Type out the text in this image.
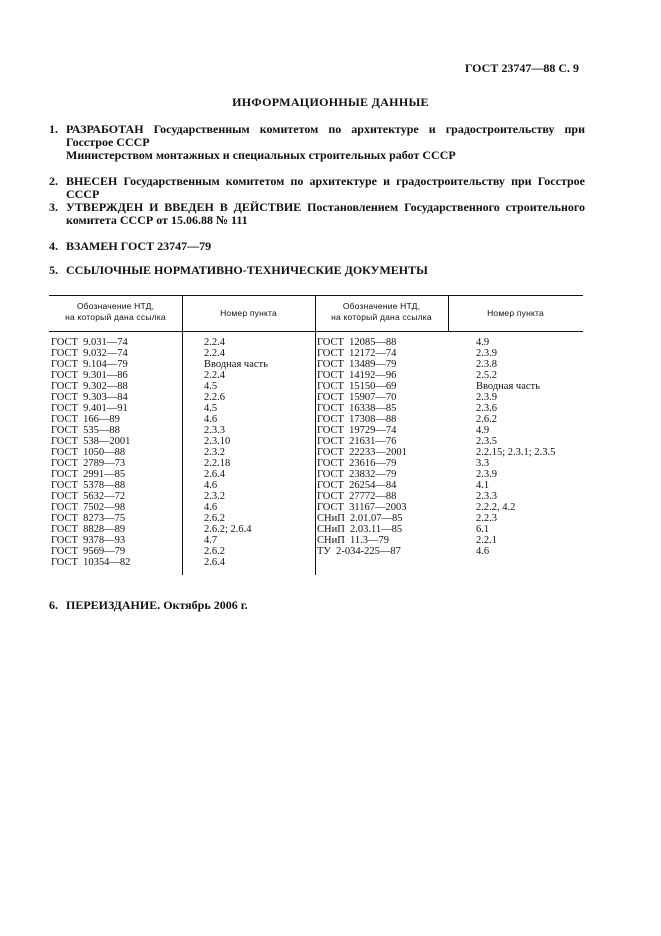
ГОСТ 23747—88 С. 9
ИНФОРМАЦИОННЫЕ ДАННЫЕ
1. РАЗРАБОТАН Государственным комитетом по архитектуре и градостроительству при Госстрое СССР
Министерством монтажных и специальных строительных работ СССР
2. ВНЕСЕН Государственным комитетом по архитектуре и градостроительству при Госстрое СССР
3. УТВЕРЖДЕН И ВВЕДЕН В ДЕЙСТВИЕ Постановлением Государственного строительного комитета СССР от 15.06.88 № 111
4. ВЗАМЕН ГОСТ 23747—79
5. ССЫЛОЧНЫЕ НОРМАТИВНО-ТЕХНИЧЕСКИЕ ДОКУМЕНТЫ
Обозначение НТД,
на который дана ссылка	Номер пункта
Обозначение НТД,
на который дана ссылка	Номер пункта
ГОСТ  9.031—74
ГОСТ  9.032—74
ГОСТ  9.104—79
ГОСТ  9.301—86
ГОСТ  9.302—88
ГОСТ  9.303—84
ГОСТ  9.401—91
ГОСТ  166—89
ГОСТ  535—88
ГОСТ  538—2001
ГОСТ  1050—88
ГОСТ  2789—73
ГОСТ  2991—85
ГОСТ  5378—88
ГОСТ  5632—72
ГОСТ  7502—98
ГОСТ  8273—75
ГОСТ  8828—89
ГОСТ  9378—93
ГОСТ  9569—79
ГОСТ  10354—82
2.2.4
2.2.4
Вводная часть
2.2.4
4.5
2.2.6
4.5
4.6
2.3.3
2.3.10
2.3.2
2.2.18
2.6.4
4.6
2.3.2
4.6
2.6.2
2.6.2; 2.6.4
4.7
2.6.2
2.6.4
ГОСТ  12085—88
ГОСТ  12172—74
ГОСТ  13489—79
ГОСТ  14192—96
ГОСТ  15150—69
ГОСТ  15907—70
ГОСТ  16338—85
ГОСТ  17308—88
ГОСТ  19729—74
ГОСТ  21631—76
ГОСТ  22233—2001
ГОСТ  23616—79
ГОСТ  23832—79
ГОСТ  26254—84
ГОСТ  27772—88
ГОСТ  31167—2003
СНиП  2.01.07—85
СНиП  2.03.11—85
СНиП  11.3—79
ТУ  2-034-225—87
4.9
2.3.9
2.3.8
2.5.2
Вводная часть
2.3.9
2.3.6
2.6.2
4.9
2.3.5
2.2.15; 2.3.1; 2.3.5
3.3
2.3.9
4.1
2.3.3
2.2.2, 4.2
2.2.3
6.1
2.2.1
4.6
6. ПЕРЕИЗДАНИЕ. Октябрь 2006 г.
